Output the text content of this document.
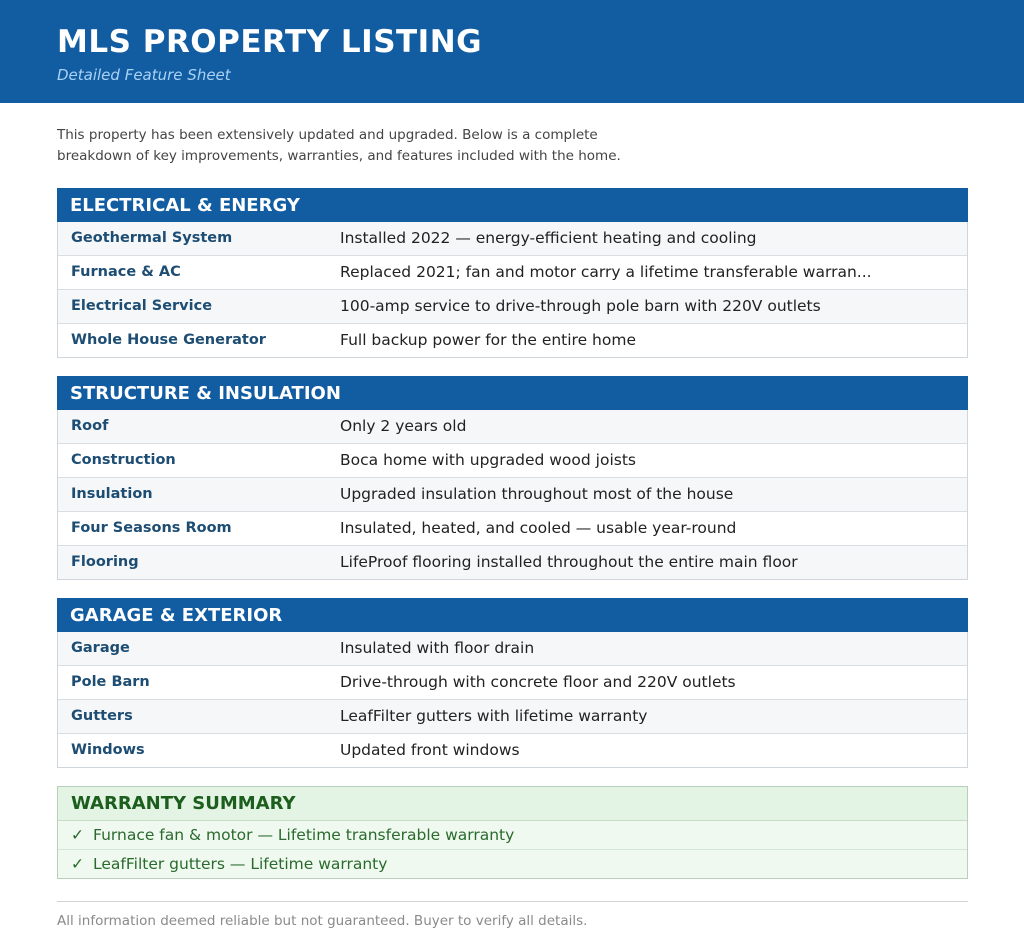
MLS PROPERTY LISTING
Detailed Feature Sheet
This property has been extensively updated and upgraded. Below is a complete breakdown of key improvements, warranties, and features included with the home.
ELECTRICAL & ENERGY
Geothermal System	Installed 2022 — energy-efficient heating and cooling
Furnace & AC	Replaced 2021; fan and motor carry a lifetime transferable warran...
Electrical Service	100-amp service to drive-through pole barn with 220V outlets
Whole House Generator	Full backup power for the entire home
STRUCTURE & INSULATION
Roof	Only 2 years old
Construction	Boca home with upgraded wood joists
Insulation	Upgraded insulation throughout most of the house
Four Seasons Room	Insulated, heated, and cooled — usable year-round
Flooring	LifeProof flooring installed throughout the entire main floor
GARAGE & EXTERIOR
Garage	Insulated with floor drain
Pole Barn	Drive-through with concrete floor and 220V outlets
Gutters	LeafFilter gutters with lifetime warranty
Windows	Updated front windows
WARRANTY SUMMARY
✓ Furnace fan & motor — Lifetime transferable warranty
✓ LeafFilter gutters — Lifetime warranty
All information deemed reliable but not guaranteed. Buyer to verify all details.
